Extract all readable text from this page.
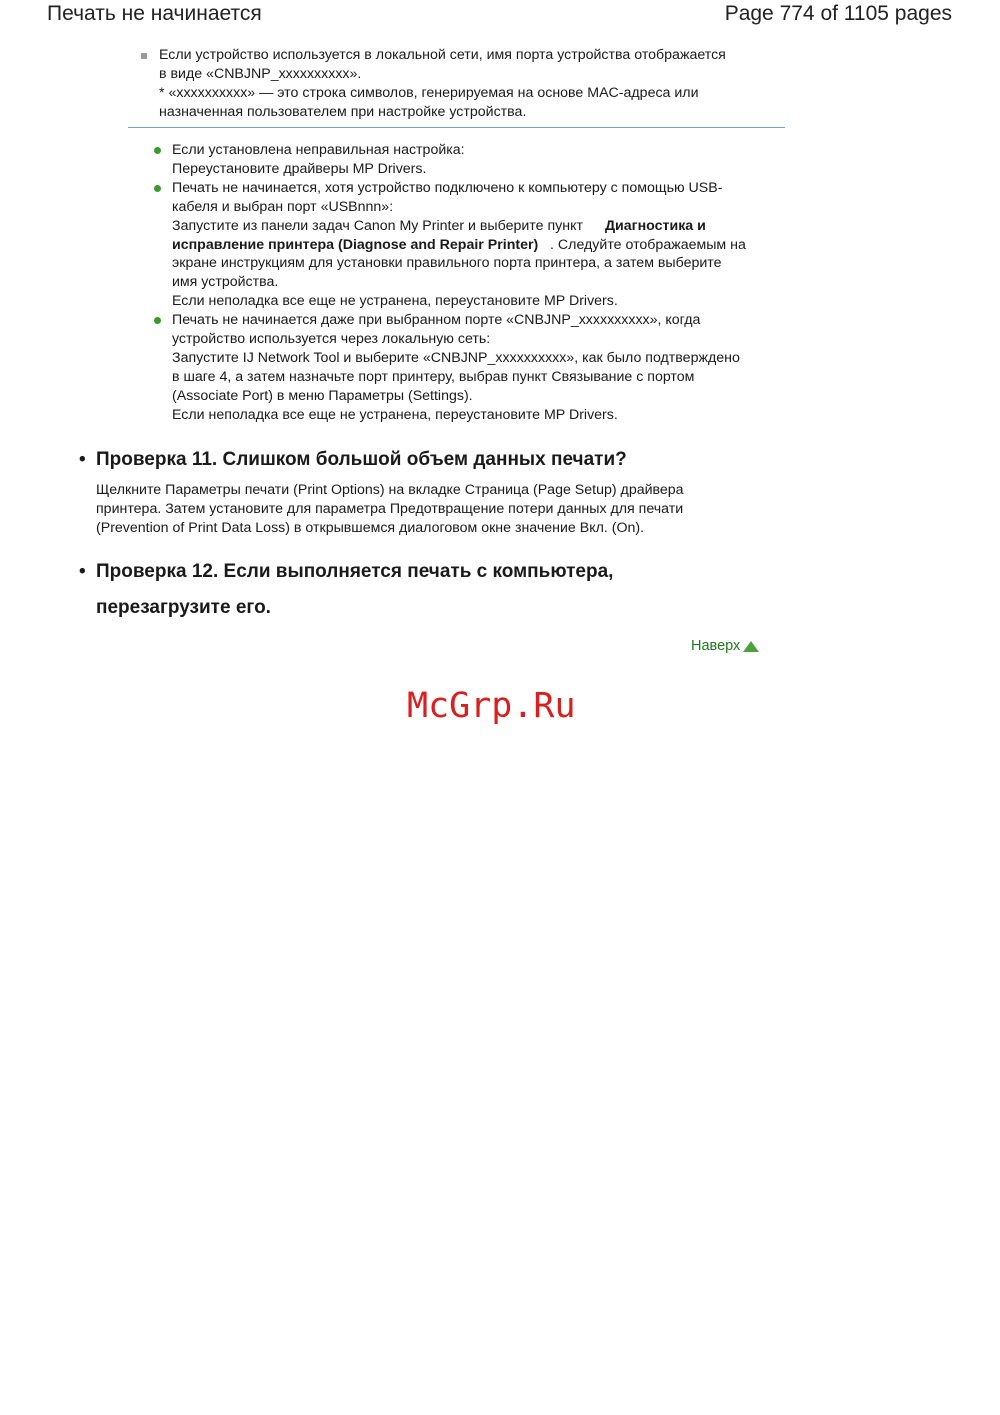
Печать не начинается	Page 774 of 1105 pages
Если устройство используется в локальной сети, имя порта устройства отображается
в виде «CNBJNP_xxxxxxxxxx».
* «xxxxxxxxxx» — это строка символов, генерируемая на основе MAC-адреса или
назначенная пользователем при настройке устройства.
Если установлена неправильная настройка:
Переустановите драйверы MP Drivers.
Печать не начинается, хотя устройство подключено к компьютеру с помощью USB-
кабеля и выбран порт «USBnnn»:
Запустите из панели задач Canon My Printer и выберите пункт Диагностика и
исправление принтера (Diagnose and Repair Printer) . Следуйте отображаемым на
экране инструкциям для установки правильного порта принтера, а затем выберите
имя устройства.
Если неполадка все еще не устранена, переустановите MP Drivers.
Печать не начинается даже при выбранном порте «CNBJNP_xxxxxxxxxx», когда
устройство используется через локальную сеть:
Запустите IJ Network Tool и выберите «CNBJNP_xxxxxxxxxx», как было подтверждено
в шаге 4, а затем назначьте порт принтеру, выбрав пункт Связывание с портом
(Associate Port) в меню Параметры (Settings).
Если неполадка все еще не устранена, переустановите MP Drivers.
• Проверка 11. Слишком большой объем данных печати?
Щелкните Параметры печати (Print Options) на вкладке Страница (Page Setup) драйвера
принтера. Затем установите для параметра Предотвращение потери данных для печати
(Prevention of Print Data Loss) в открывшемся диалоговом окне значение Вкл. (On).
• Проверка 12. Если выполняется печать с компьютера,
перезагрузите его.
Наверх
McGrp.Ru
